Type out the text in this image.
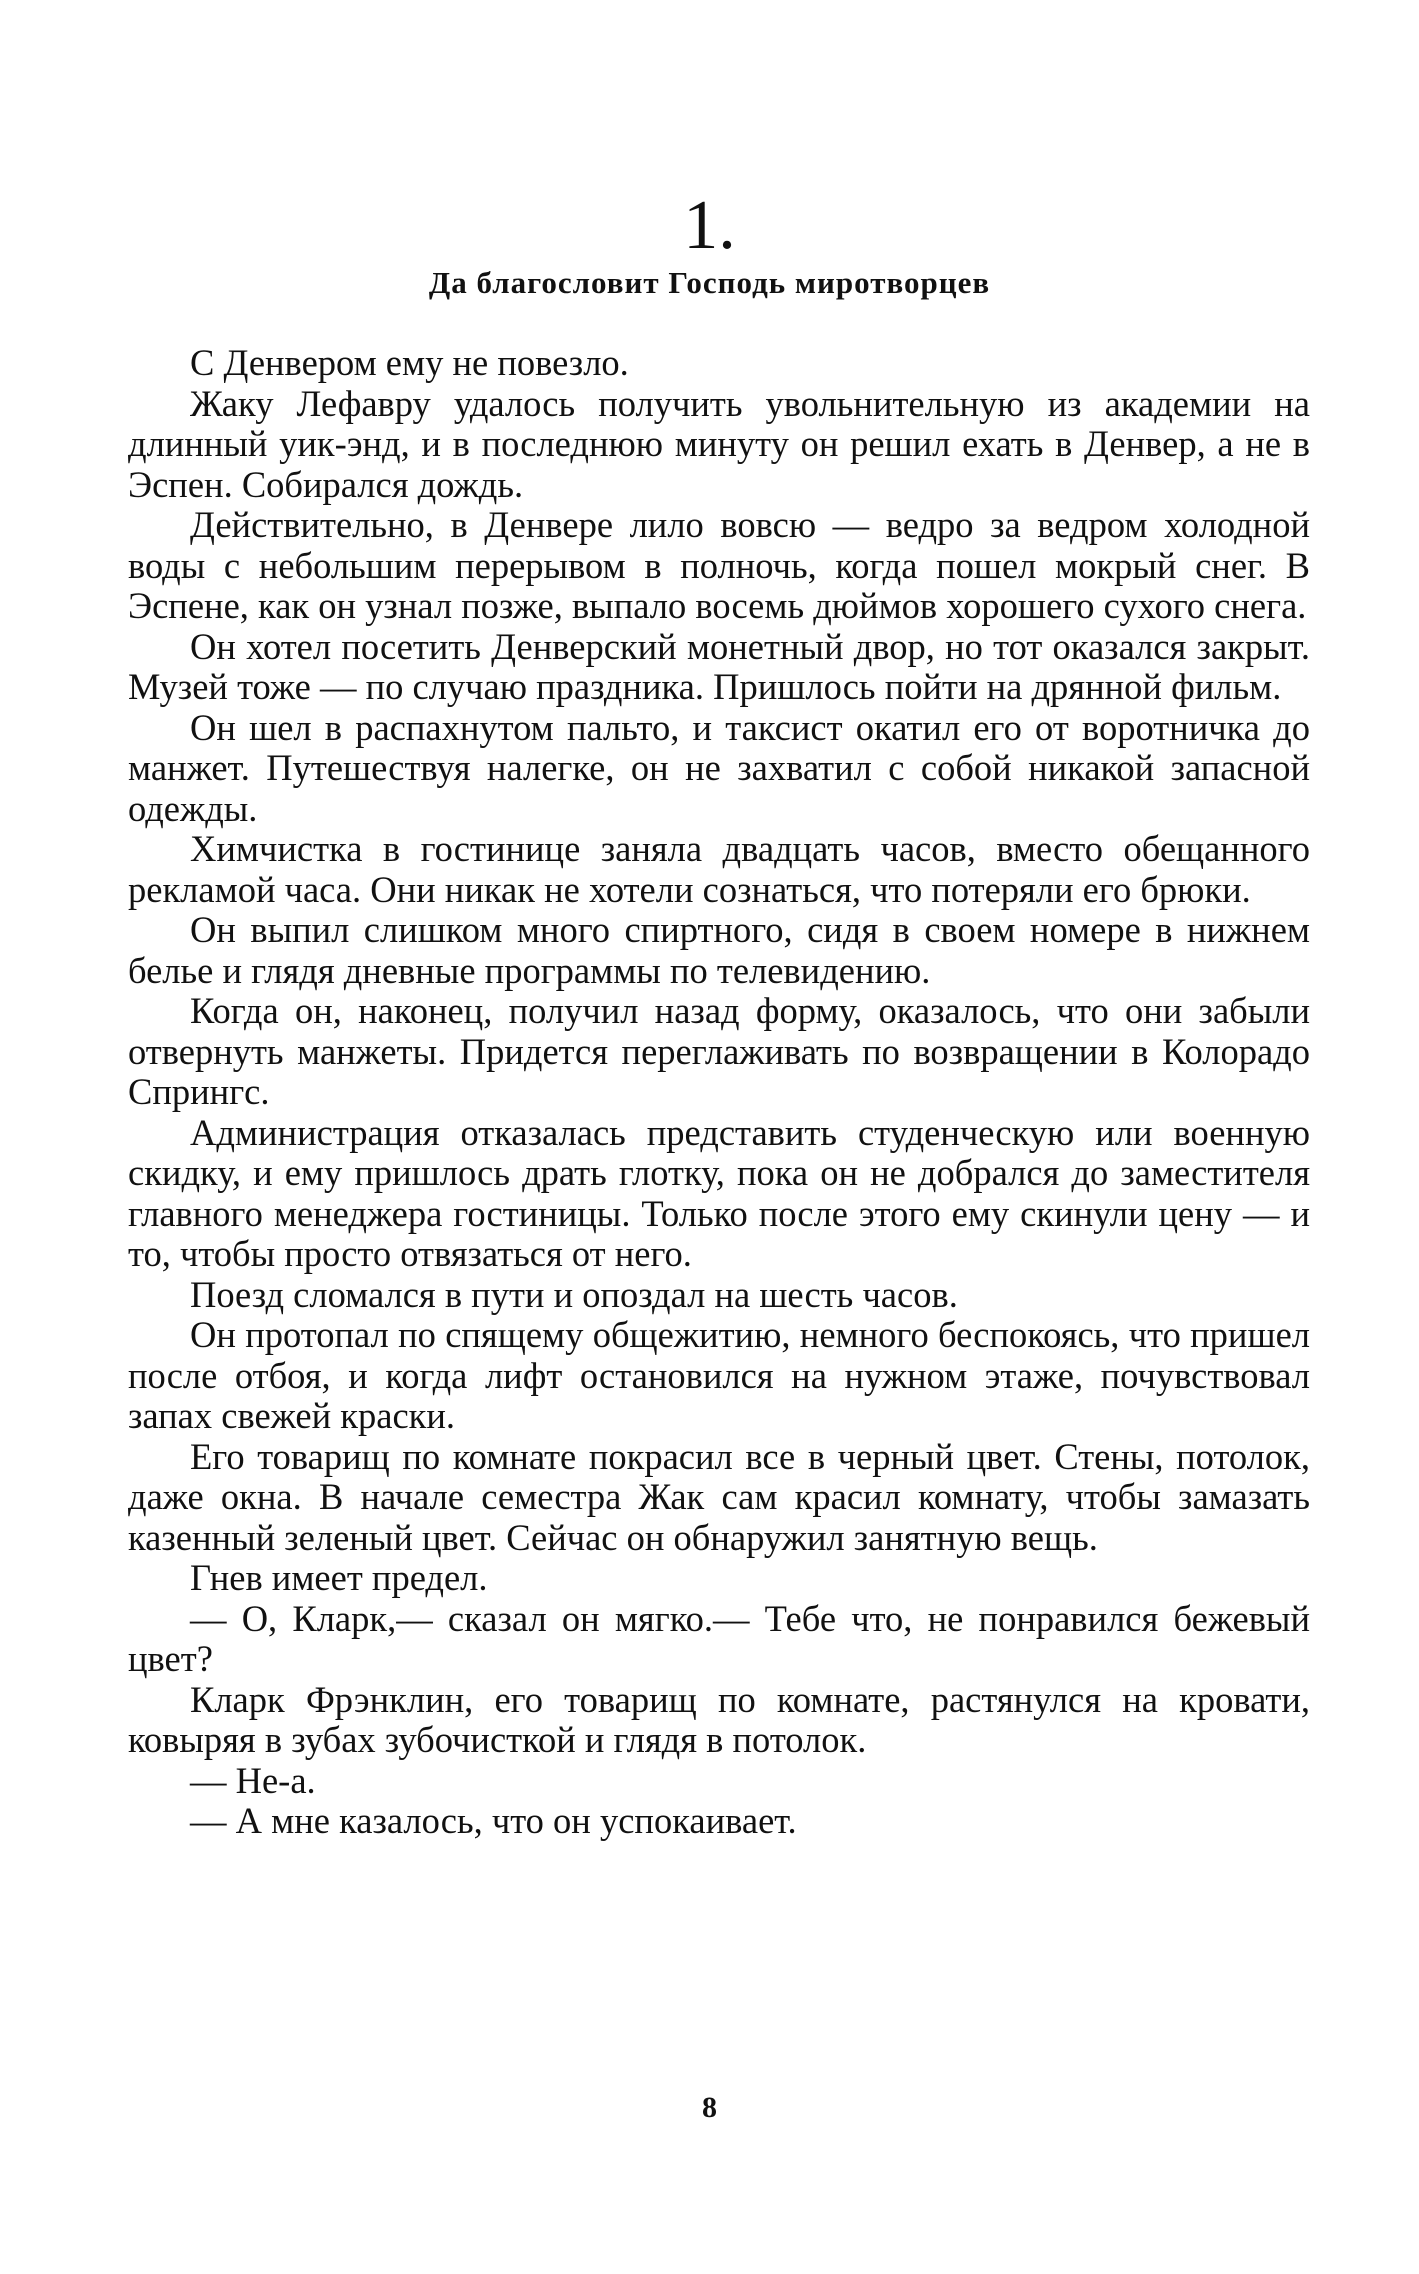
1.
Да благословит Господь миротворцев

С Денвером ему не повезло.

Жаку Лефавру удалось получить увольнительную из академии на длинный уик-энд, и в последнюю минуту он решил ехать в Денвер, а не в Эспен. Собирался дождь.

Действительно, в Денвере лило вовсю — ведро за ведром холодной воды с небольшим перерывом в полночь, когда пошел мокрый снег. В Эспене, как он узнал позже, выпало восемь дюймов хорошего сухого снега.

Он хотел посетить Денверский монетный двор, но тот оказался закрыт. Музей тоже — по случаю праздника. Пришлось пойти на дрянной фильм.

Он шел в распахнутом пальто, и таксист окатил его от воротничка до манжет. Путешествуя налегке, он не захватил с собой никакой запасной одежды.

Химчистка в гостинице заняла двадцать часов, вместо обещанного рекламой часа. Они никак не хотели сознаться, что потеряли его брюки.

Он выпил слишком много спиртного, сидя в своем номере в нижнем белье и глядя дневные программы по телевидению.

Когда он, наконец, получил назад форму, оказалось, что они забыли отвернуть манжеты. Придется переглаживать по возвращении в Колорадо Спрингс.

Администрация отказалась представить студенческую или военную скидку, и ему пришлось драть глотку, пока он не добрался до заместителя главного менеджера гостиницы. Только после этого ему скинули цену — и то, чтобы просто отвязаться от него.

Поезд сломался в пути и опоздал на шесть часов.

Он протопал по спящему общежитию, немного беспокоясь, что пришел после отбоя, и когда лифт остановился на нужном этаже, почувствовал запах свежей краски.

Его товарищ по комнате покрасил все в черный цвет. Стены, потолок, даже окна. В начале семестра Жак сам красил комнату, чтобы замазать казенный зеленый цвет. Сейчас он обнаружил занятную вещь.

Гнев имеет предел.

— О, Кларк,— сказал он мягко.— Тебе что, не понравился бежевый цвет?

Кларк Фрэнклин, его товарищ по комнате, растянулся на кровати, ковыряя в зубах зубочисткой и глядя в потолок.

— Не-а.

— А мне казалось, что он успокаивает.

8
